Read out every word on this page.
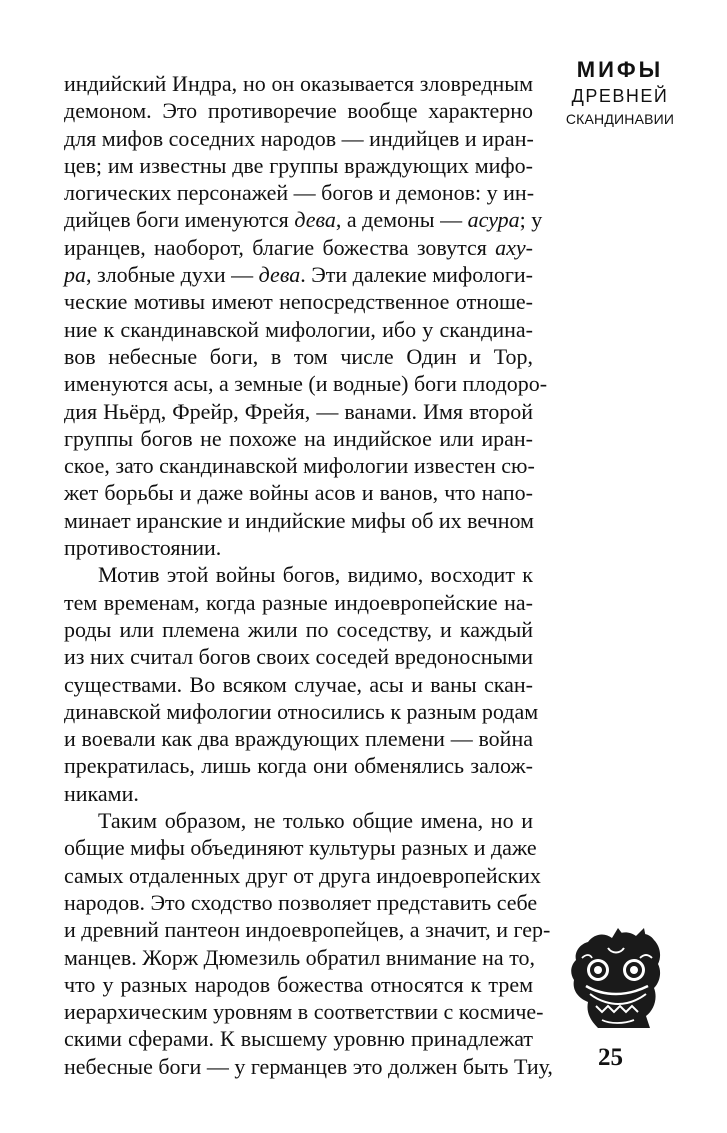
индийский Индра, но он оказывается зловредным
демоном. Это противоречие вообще характерно
для мифов соседних народов — индийцев и иран-
цев; им известны две группы враждующих мифо-
логических персонажей — богов и демонов: у ин-
дийцев боги именуются дева, а демоны — асура; у
иранцев, наоборот, благие божества зовутся аху-
ра, злобные духи — дева. Эти далекие мифологи-
ческие мотивы имеют непосредственное отноше-
ние к скандинавской мифологии, ибо у скандина-
вов небесные боги, в том числе Один и Тор,
именуются асы, а земные (и водные) боги плодоро-
дия Ньёрд, Фрейр, Фрейя, — ванами. Имя второй
группы богов не похоже на индийское или иран-
ское, зато скандинавской мифологии известен сю-
жет борьбы и даже войны асов и ванов, что напо-
минает иранские и индийские мифы об их вечном
противостоянии.
Мотив этой войны богов, видимо, восходит к
тем временам, когда разные индоевропейские на-
роды или племена жили по соседству, и каждый
из них считал богов своих соседей вредоносными
существами. Во всяком случае, асы и ваны скан-
динавской мифологии относились к разным родам
и воевали как два враждующих племени — война
прекратилась, лишь когда они обменялись залож-
никами.
Таким образом, не только общие имена, но и
общие мифы объединяют культуры разных и даже
самых отдаленных друг от друга индоевропейских
народов. Это сходство позволяет представить себе
и древний пантеон индоевропейцев, а значит, и гер-
манцев. Жорж Дюмезиль обратил внимание на то,
что у разных народов божества относятся к трем
иерархическим уровням в соответствии с космиче-
скими сферами. К высшему уровню принадлежат
небесные боги — у германцев это должен быть Тиу,
МИФЫ
ДРЕВНЕЙ
СКАНДИНАВИИ
25
